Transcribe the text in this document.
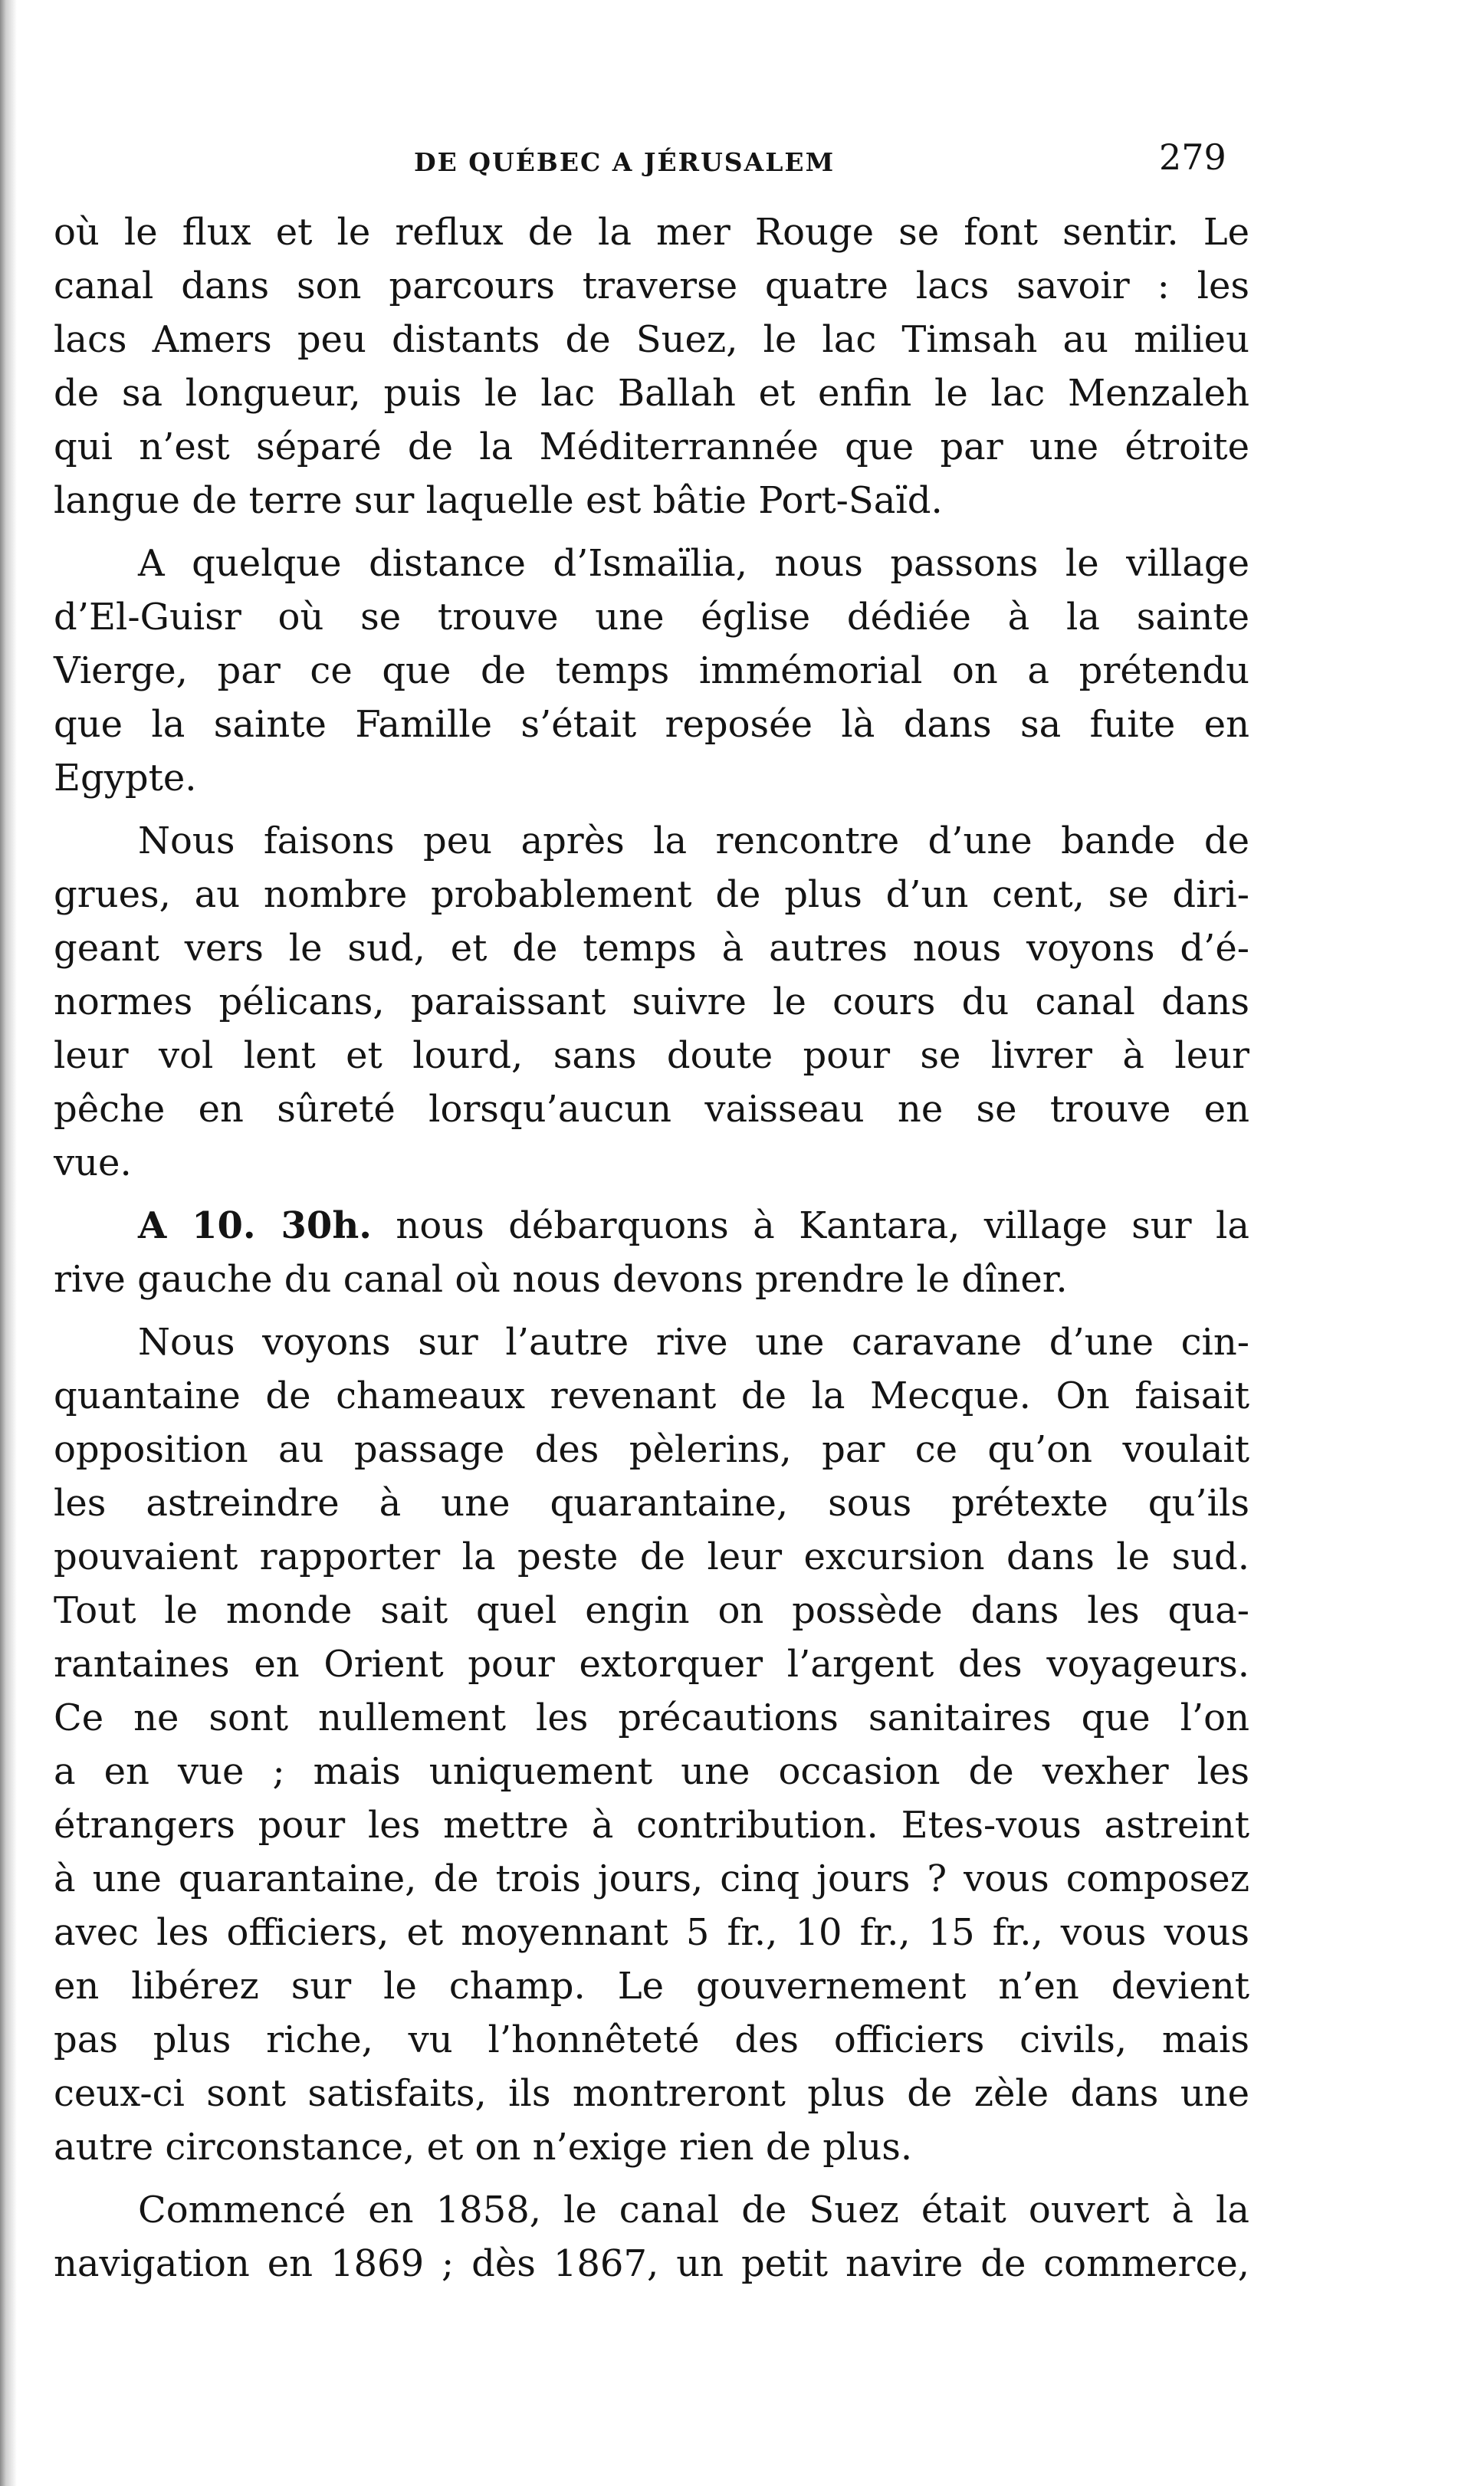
DE QUÉBEC A JÉRUSALEM	279
où le flux et le reflux de la mer Rouge se font sentir. Le
canal dans son parcours traverse quatre lacs savoir : les
lacs Amers peu distants de Suez, le lac Timsah au milieu
de sa longueur, puis le lac Ballah et enfin le lac Menzaleh
qui n’est séparé de la Méditerrannée que par une étroite
langue de terre sur laquelle est bâtie Port-Saïd.
A quelque distance d’Ismaïlia, nous passons le village
d’El-Guisr où se trouve une église dédiée à la sainte
Vierge, par ce que de temps immémorial on a prétendu
que la sainte Famille s’était reposée là dans sa fuite en
Egypte.
Nous faisons peu après la rencontre d’une bande de
grues, au nombre probablement de plus d’un cent, se diri-
geant vers le sud, et de temps à autres nous voyons d’é-
normes pélicans, paraissant suivre le cours du canal dans
leur vol lent et lourd, sans doute pour se livrer à leur
pêche en sûreté lorsqu’aucun vaisseau ne se trouve en
vue.
A 10. 30h. nous débarquons à Kantara, village sur la
rive gauche du canal où nous devons prendre le dîner.
Nous voyons sur l’autre rive une caravane d’une cin-
quantaine de chameaux revenant de la Mecque. On faisait
opposition au passage des pèlerins, par ce qu’on voulait
les astreindre à une quarantaine, sous prétexte qu’ils
pouvaient rapporter la peste de leur excursion dans le sud.
Tout le monde sait quel engin on possède dans les qua-
rantaines en Orient pour extorquer l’argent des voyageurs.
Ce ne sont nullement les précautions sanitaires que l’on
a en vue ; mais uniquement une occasion de vexher les
étrangers pour les mettre à contribution. Etes-vous astreint
à une quarantaine, de trois jours, cinq jours ? vous composez
avec les officiers, et moyennant 5 fr., 10 fr., 15 fr., vous vous
en libérez sur le champ. Le gouvernement n’en devient
pas plus riche, vu l’honnêteté des officiers civils, mais
ceux-ci sont satisfaits, ils montreront plus de zèle dans une
autre circonstance, et on n’exige rien de plus.
Commencé en 1858, le canal de Suez était ouvert à la
navigation en 1869 ; dès 1867, un petit navire de commerce,
